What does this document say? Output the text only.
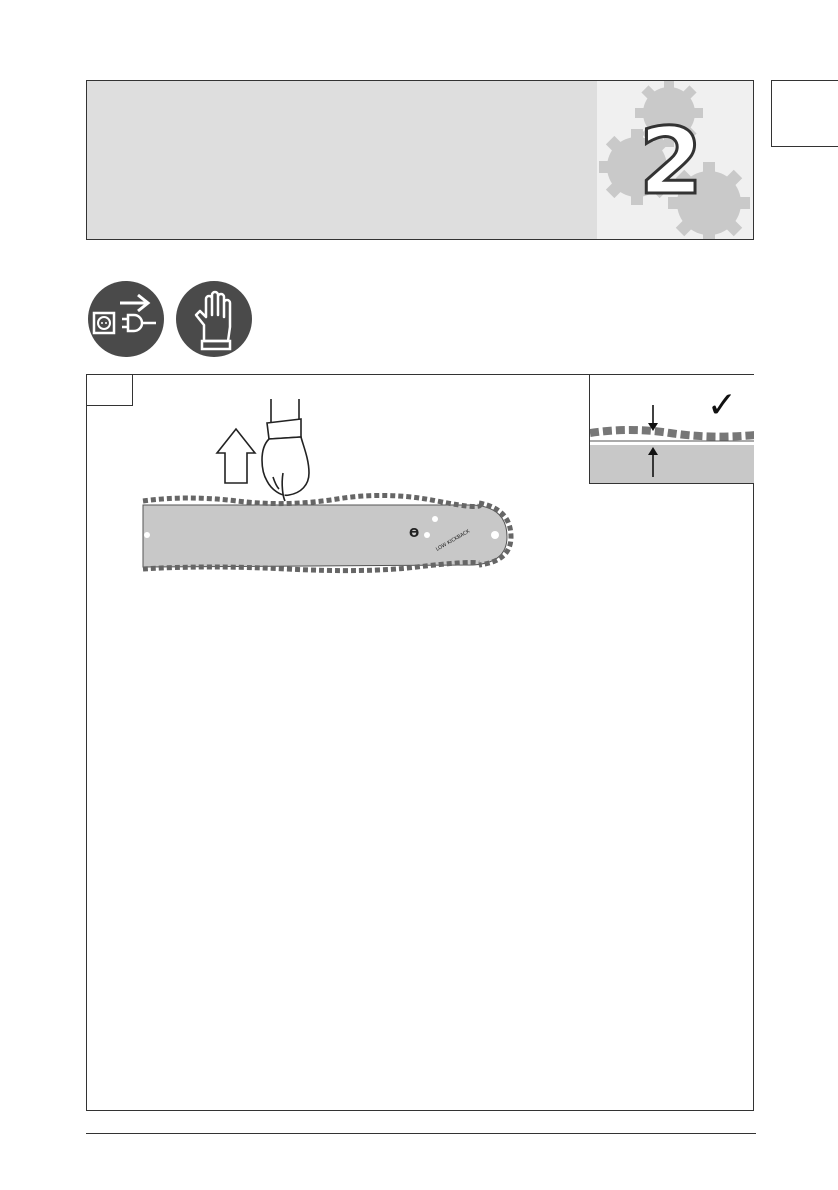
2
Ɵ	LOW KICKBACK
✓
